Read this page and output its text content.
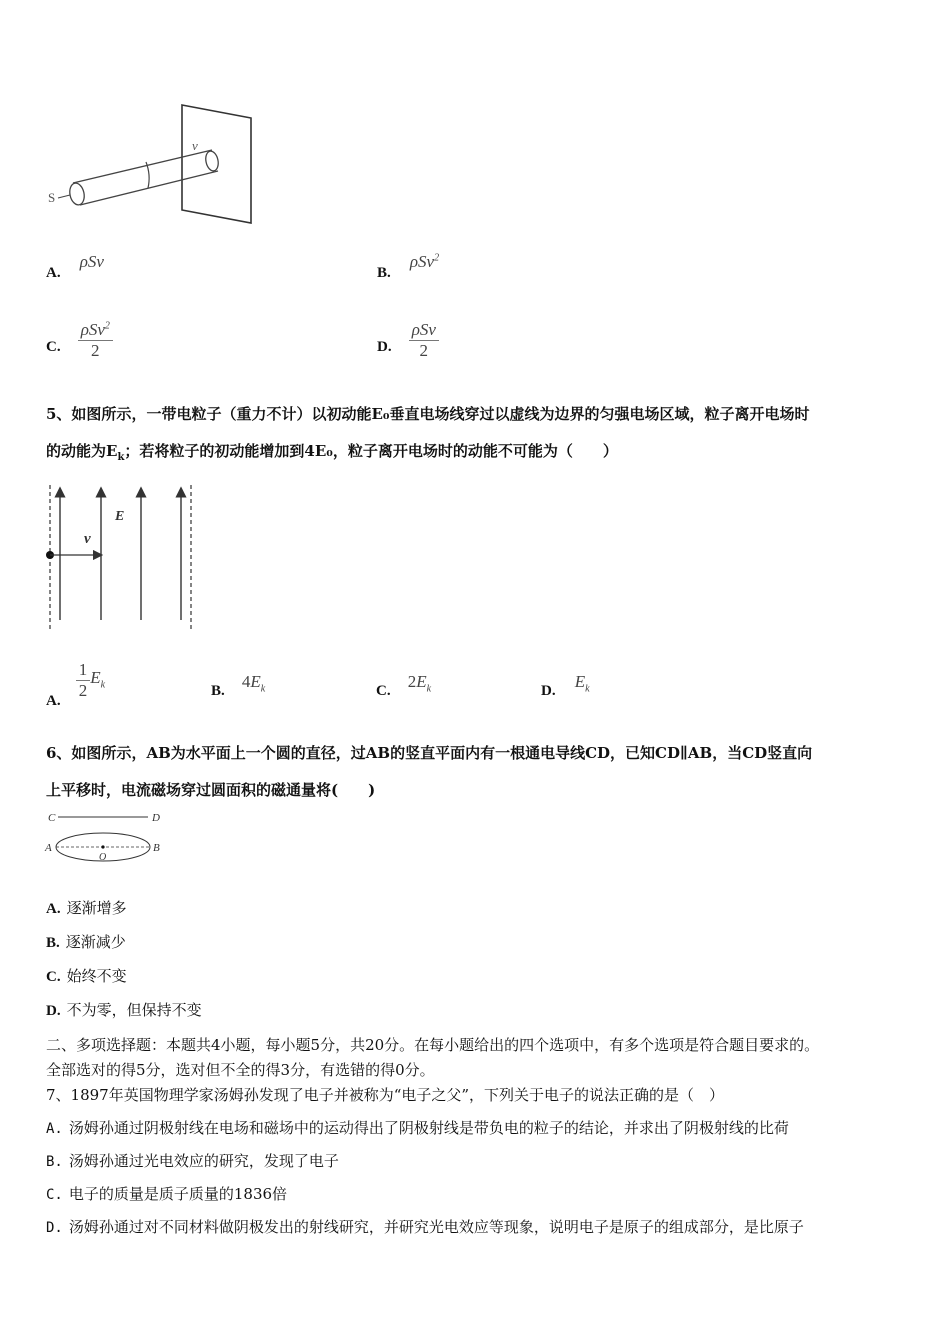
S
v
A. ρSv
B. ρSv$^2$
C. $\frac{\rho Sv^2}{2}$	D. $\frac{\text{ρSv}}{2}$
5、如图所示，一带电粒子（重力不计）以初动能E₀垂直电场线穿过以虚线为边界的匀强电场区域，粒子离开电场时
的动能为$E_k$；若将粒子的初动能增加到4E₀，粒子离开电场时的动能不可能为（　　）
E
v
A. $\frac{1}{2} E_k$	B. $4E_k$	C. $2E_k$	D. $E_k$
6、如图所示，AB为水平面上一个圆的直径，过AB的竖直平面内有一根通电导线CD，已知CD∥AB，当CD竖直向
上平移时，电流磁场穿过圆面积的磁通量将(　　)
C	D
A	B
O
A. 逐渐增多
B. 逐渐减少
C. 始终不变
D. 不为零，但保持不变
二、多项选择题：本题共4小题，每小题5分，共20分。在每小题给出的四个选项中，有多个选项是符合题目要求的。
全部选对的得5分，选对但不全的得3分，有选错的得0分。
7、1897年英国物理学家汤姆孙发现了电子并被称为“电子之父”，下列关于电子的说法正确的是（　）
A. 汤姆孙通过阴极射线在电场和磁场中的运动得出了阴极射线是带负电的粒子的结论，并求出了阴极射线的比荷
B. 汤姆孙通过光电效应的研究，发现了电子
C. 电子的质量是质子质量的1836倍
D. 汤姆孙通过对不同材料做阴极发出的射线研究，并研究光电效应等现象，说明电子是原子的组成部分，是比原子
